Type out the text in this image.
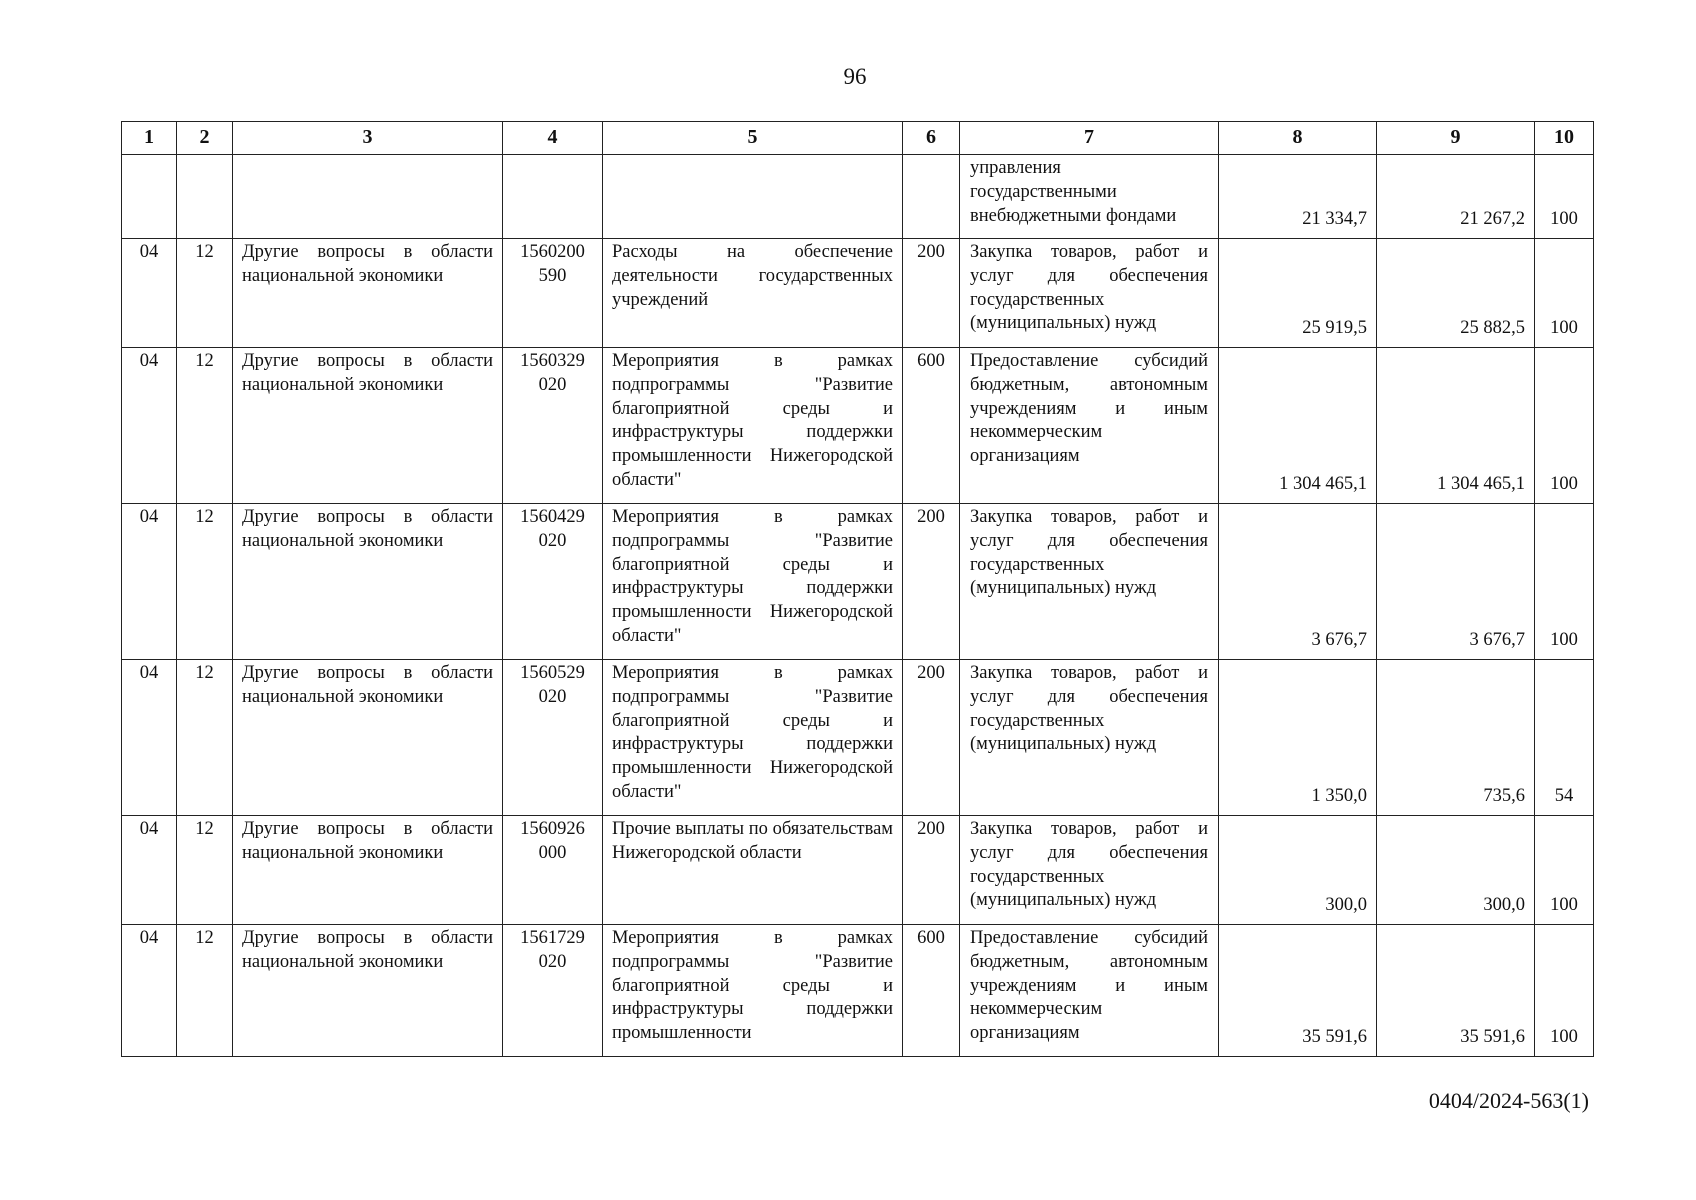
96
1	2	3	4	5	6	7	8	9	10
						управления государственными внебюджетными фондами	21 334,7	21 267,2	100
04	12	Другие вопросы в области национальной экономики	1560200 590	Расходы на обеспечение деятельности государственных учреждений	200	Закупка товаров, работ и услуг для обеспечения государственных (муниципальных) нужд	25 919,5	25 882,5	100
04	12	Другие вопросы в области национальной экономики	1560329 020	Мероприятия в рамках подпрограммы "Развитие благоприятной среды и инфраструктуры поддержки промышленности Нижегородской области"	600	Предоставление субсидий бюджетным, автономным учреждениям и иным некоммерческим организациям	1 304 465,1	1 304 465,1	100
04	12	Другие вопросы в области национальной экономики	1560429 020	Мероприятия в рамках подпрограммы "Развитие благоприятной среды и инфраструктуры поддержки промышленности Нижегородской области"	200	Закупка товаров, работ и услуг для обеспечения государственных (муниципальных) нужд	3 676,7	3 676,7	100
04	12	Другие вопросы в области национальной экономики	1560529 020	Мероприятия в рамках подпрограммы "Развитие благоприятной среды и инфраструктуры поддержки промышленности Нижегородской области"	200	Закупка товаров, работ и услуг для обеспечения государственных (муниципальных) нужд	1 350,0	735,6	54
04	12	Другие вопросы в области национальной экономики	1560926 000	Прочие выплаты по обязательствам Нижегородской области	200	Закупка товаров, работ и услуг для обеспечения государственных (муниципальных) нужд	300,0	300,0	100
04	12	Другие вопросы в области национальной экономики	1561729 020	Мероприятия в рамках подпрограммы "Развитие благоприятной среды и инфраструктуры поддержки промышленности	600	Предоставление субсидий бюджетным, автономным учреждениям и иным некоммерческим организациям	35 591,6	35 591,6	100
0404/2024-563(1)
